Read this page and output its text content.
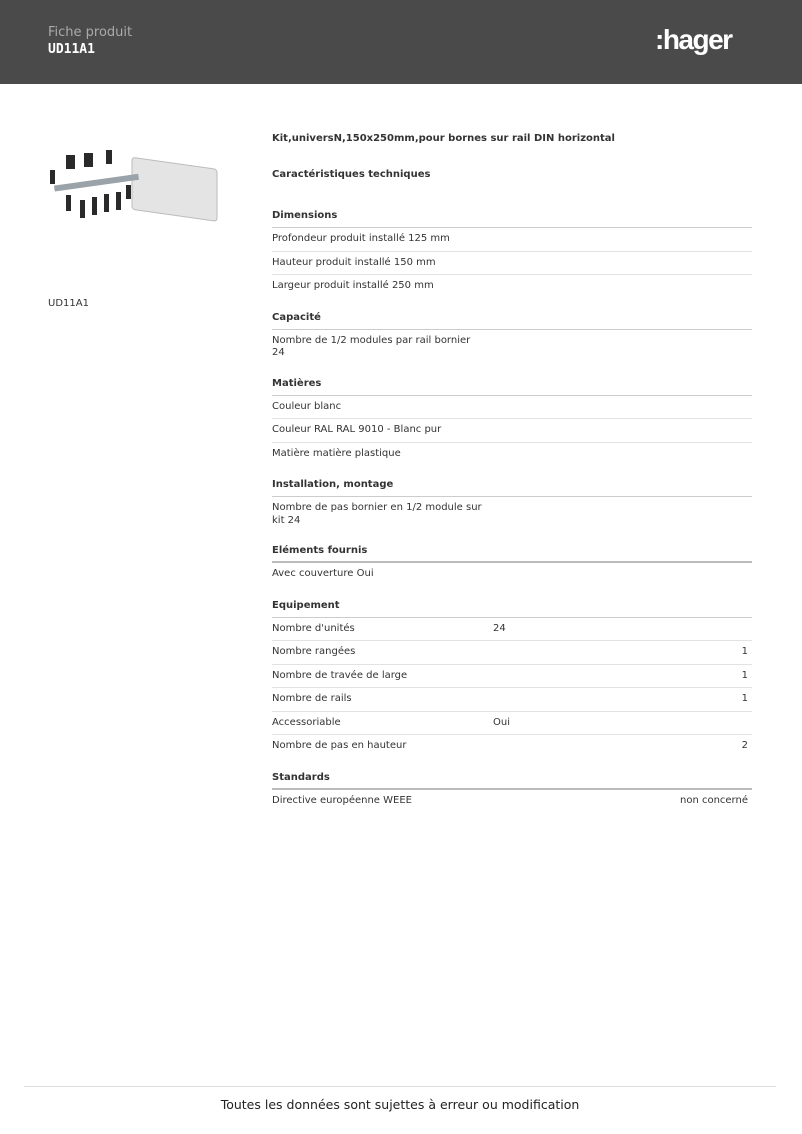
Fiche produit
UD11A1	:hager
UD11A1
Kit,universN,150x250mm,pour bornes sur rail DIN horizontal
Caractéristiques techniques
Dimensions
Profondeur produit installé 125 mm
Hauteur produit installé 150 mm
Largeur produit installé 250 mm
Capacité
Nombre de 1/2 modules par rail bornier 24
Matières
Couleur blanc
Couleur RAL RAL 9010 - Blanc pur
Matière matière plastique
Installation, montage
Nombre de pas bornier en 1/2 module sur kit 24
Eléments fournis
Avec couverture Oui
Equipement
Nombre d'unités	24
Nombre rangées	1
Nombre de travée de large	1
Nombre de rails	1
Accessoriable	Oui
Nombre de pas en hauteur	2
Standards
Directive européenne WEEE	non concerné
Toutes les données sont sujettes à erreur ou modification
